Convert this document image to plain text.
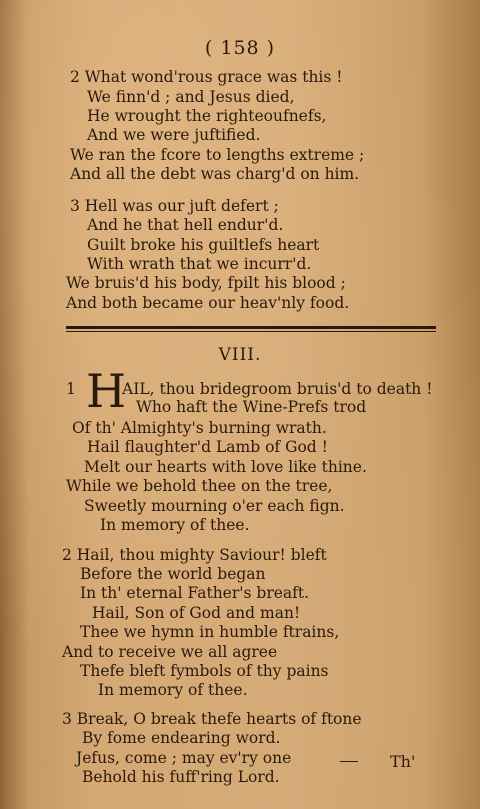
( 158 )
2 What wond'rous grace was this !
We finn'd ; and Jesus died,
He wrought the righteoufnefs,
And we were juftified.
We ran the fcore to lengths extreme ;
And all the debt was charg'd on him.
3 Hell was our juft defert ;
And he that hell endur'd.
Guilt broke his guiltlefs heart
With wrath that we incurr'd.
We bruis'd his body, fpilt his blood ;
And both became our heav'nly food.
VIII.
1 H
AIL, thou bridegroom bruis'd to death !
Who haft the Wine-Prefs trod
Of th' Almighty's burning wrath.
Hail flaughter'd Lamb of God !
Melt our hearts with love like thine.
While we behold thee on the tree,
Sweetly mourning o'er each fign.
In memory of thee.
2 Hail, thou mighty Saviour! bleft
Before the world began
In th' eternal Father's breaft.
Hail, Son of God and man!
Thee we hymn in humble ftrains,
And to receive we all agree
Thefe bleft fymbols of thy pains
In memory of thee.
3 Break, O break thefe hearts of ftone
By fome endearing word.
Jefus, come ; may ev'ry one
Behold his fuff'ring Lord.
Th'
